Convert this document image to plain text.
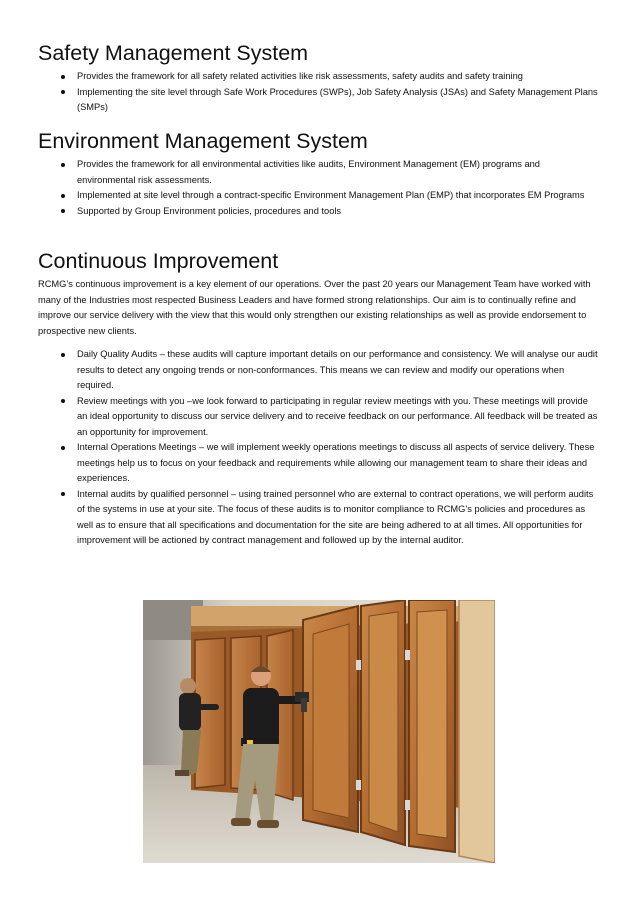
Safety Management System
Provides the framework for all safety related activities like risk assessments, safety audits and safety training
Implementing the site level through Safe Work Procedures (SWPs), Job Safety Analysis (JSAs) and Safety Management Plans (SMPs)
Environment Management System
Provides the framework for all environmental activities like audits, Environment Management (EM) programs and environmental risk assessments.
Implemented at site level through a contract-specific Environment Management Plan (EMP) that incorporates EM Programs
Supported by Group Environment policies, procedures and tools
Continuous Improvement

RCMG’s continuous improvement is a key element of our operations. Over the past 20 years our Management Team have worked with many of the Industries most respected Business Leaders and have formed strong relationships. Our aim is to continually refine and improve our service delivery with the view that this would only strengthen our existing relationships as well as provide endorsement to prospective new clients.

Daily Quality Audits – these audits will capture important details on our performance and consistency. We will analyse our audit results to detect any ongoing trends or non-conformances. This means we can review and modify our operations when required.
Review meetings with you –we look forward to participating in regular review meetings with you. These meetings will provide an ideal opportunity to discuss our service delivery and to receive feedback on our performance. All feedback will be treated as an opportunity for improvement.
Internal Operations Meetings – we will implement weekly operations meetings to discuss all aspects of service delivery. These meetings help us to focus on your feedback and requirements while allowing our management team to share their ideas and experiences.
Internal audits by qualified personnel – using trained personnel who are external to contract operations, we will perform audits of the systems in use at your site. The focus of these audits is to monitor compliance to RCMG’s policies and procedures as well as to ensure that all specifications and documentation for the site are being adhered to at all times. All opportunities for improvement will be actioned by contract management and followed up by the internal auditor.
